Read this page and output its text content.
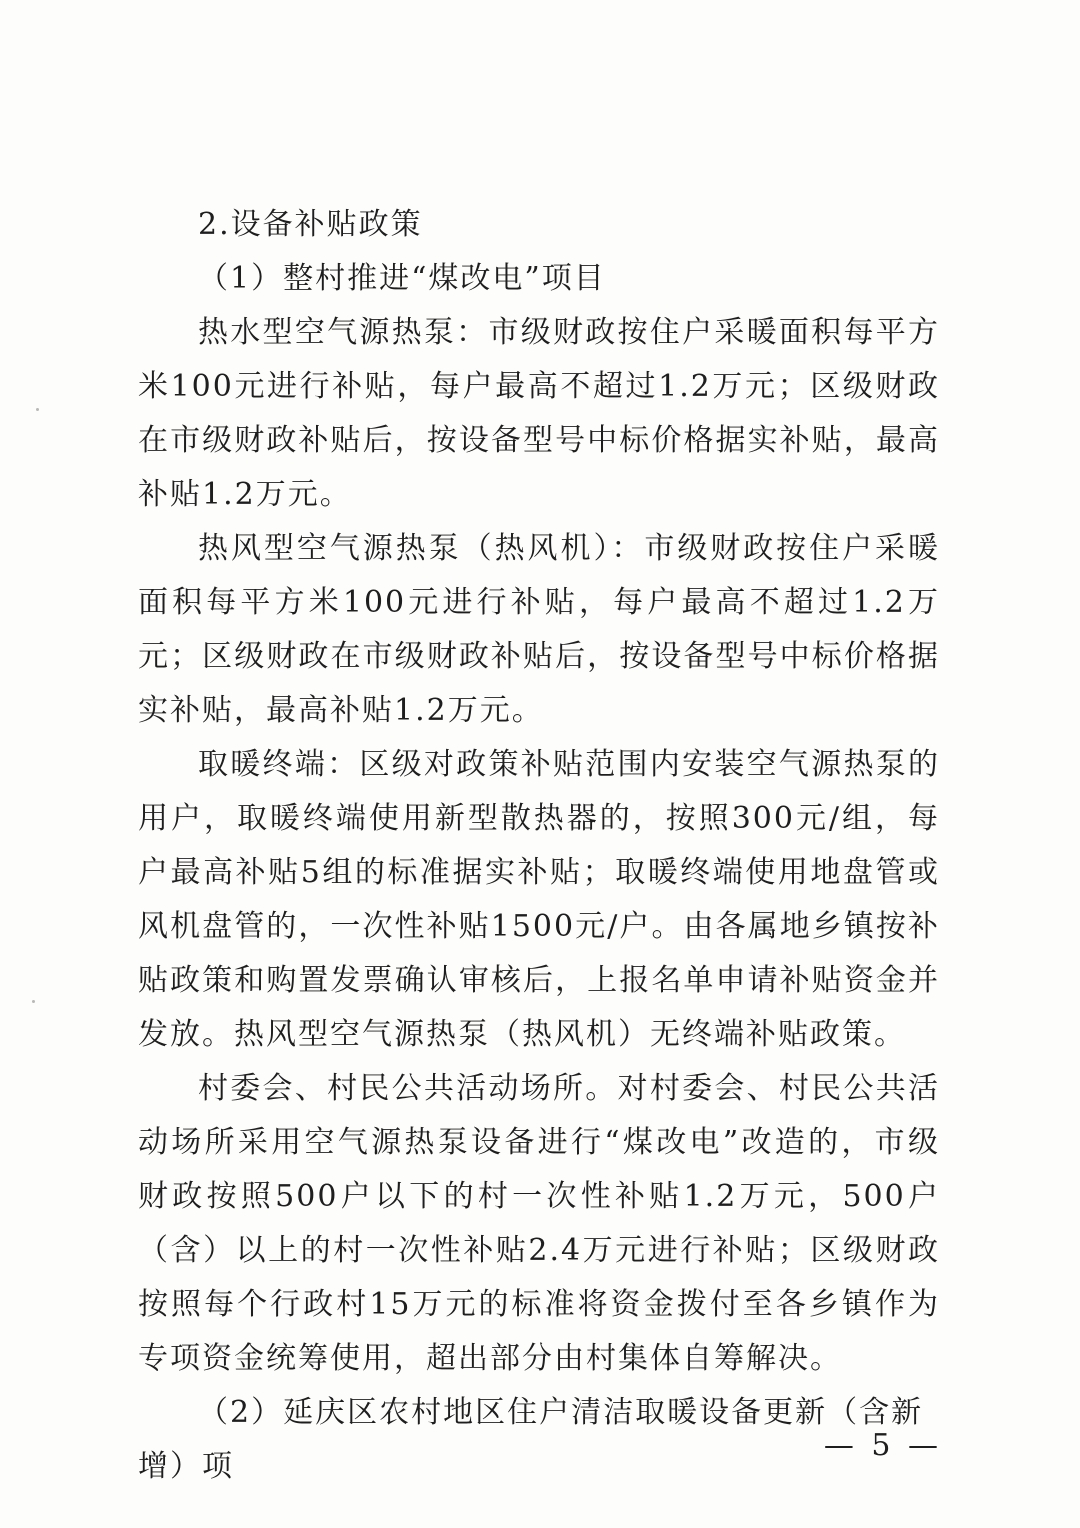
2.设备补贴政策

（1）整村推进“煤改电”项目

热水型空气源热泵：市级财政按住户采暖面积每平方米100元进行补贴，每户最高不超过1.2万元；区级财政在市级财政补贴后，按设备型号中标价格据实补贴，最高补贴1.2万元。

热风型空气源热泵（热风机）：市级财政按住户采暖面积每平方米100元进行补贴，每户最高不超过1.2万元；区级财政在市级财政补贴后，按设备型号中标价格据实补贴，最高补贴1.2万元。

取暖终端：区级对政策补贴范围内安装空气源热泵的用户，取暖终端使用新型散热器的，按照300元/组，每户最高补贴5组的标准据实补贴；取暖终端使用地盘管或风机盘管的，一次性补贴1500元/户。由各属地乡镇按补贴政策和购置发票确认审核后，上报名单申请补贴资金并发放。热风型空气源热泵（热风机）无终端补贴政策。

村委会、村民公共活动场所。对村委会、村民公共活动场所采用空气源热泵设备进行“煤改电”改造的，市级财政按照500户以下的村一次性补贴1.2万元，500户（含）以上的村一次性补贴2.4万元进行补贴；区级财政按照每个行政村15万元的标准将资金拨付至各乡镇作为专项资金统筹使用，超出部分由村集体自筹解决。

（2）延庆区农村地区住户清洁取暖设备更新（含新增）项

— 5 —
